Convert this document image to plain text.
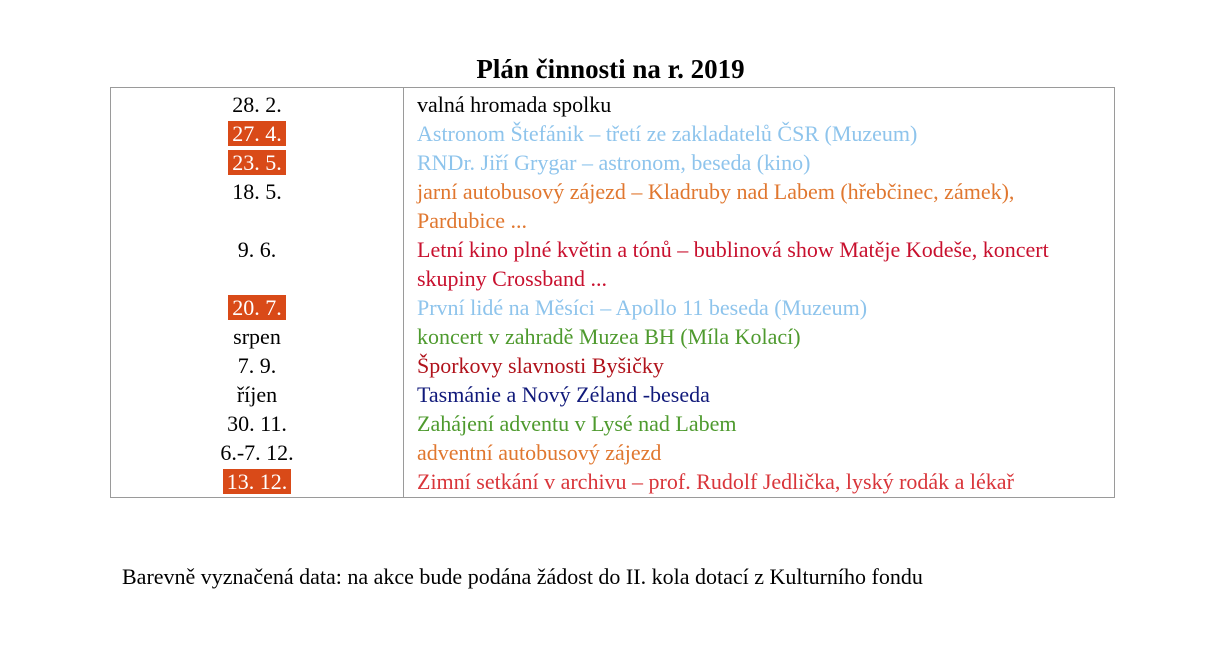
Plán činnosti na r. 2019
28. 2.	valná hromada spolku
27. 4.	Astronom Štefánik – třetí ze zakladatelů ČSR (Muzeum)
23. 5.	RNDr. Jiří Grygar – astronom, beseda (kino)
18. 5.	jarní autobusový zájezd – Kladruby nad Labem (hřebčinec, zámek), Pardubice ...
9. 6.	Letní kino plné květin a tónů – bublinová show Matěje Kodeše, koncert skupiny Crossband ...
20. 7.	První lidé na Měsíci – Apollo 11 beseda (Muzeum)
srpen	koncert v zahradě Muzea BH (Míla Kolací)
7. 9.	Šporkovy slavnosti Byšičky
říjen	Tasmánie a Nový Zéland -beseda
30. 11.	Zahájení adventu v Lysé nad Labem
6.-7. 12.	adventní autobusový zájezd
13. 12.	Zimní setkání v archivu – prof. Rudolf Jedlička, lyský rodák a lékař
Barevně vyznačená data: na akce bude podána žádost do II. kola dotací z Kulturního fondu
